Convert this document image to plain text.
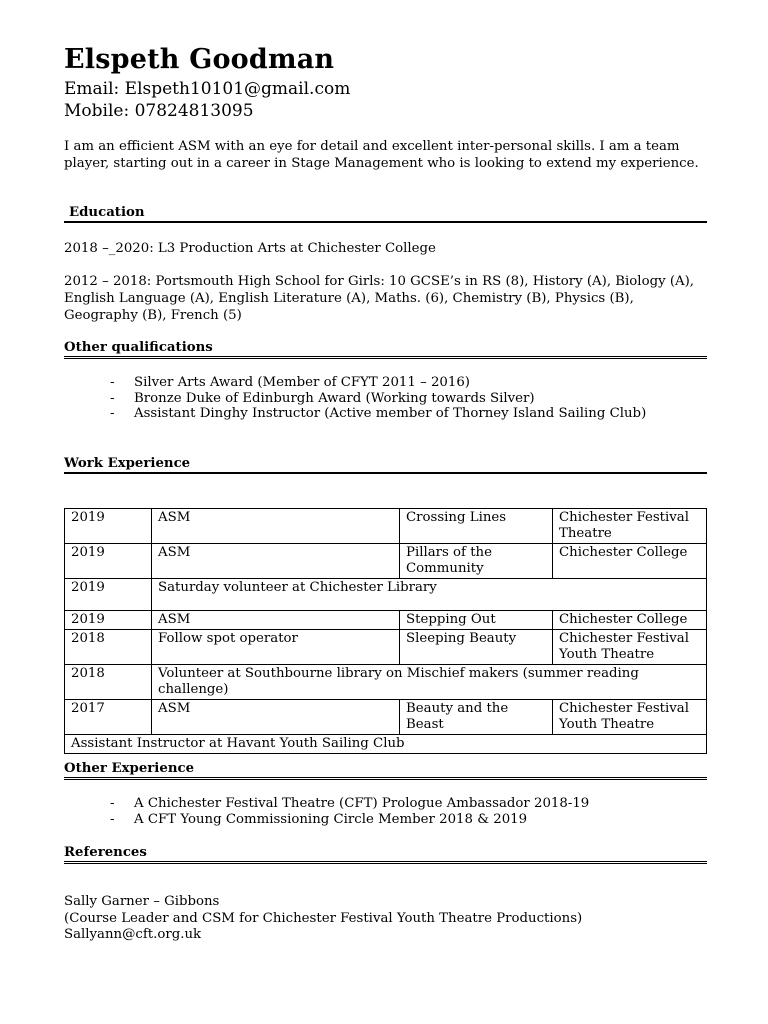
Elspeth Goodman
Email: Elspeth10101@gmail.com
Mobile: 07824813095

I am an efficient ASM with an eye for detail and excellent inter-personal skills. I am a team player, starting out in a career in Stage Management who is looking to extend my experience.

Education

2018 –_2020: L3 Production Arts at Chichester College

2012 – 2018: Portsmouth High School for Girls: 10 GCSE’s in RS (8), History (A), Biology (A), English Language (A), English Literature (A), Maths. (6), Chemistry (B), Physics (B), Geography (B), French (5)

Other qualifications
- Silver Arts Award (Member of CFYT 2011 – 2016)
- Bronze Duke of Edinburgh Award (Working towards Silver)
- Assistant Dinghy Instructor (Active member of Thorney Island Sailing Club)
Work Experience
2019	ASM	Crossing Lines	Chichester Festival Theatre
2019	ASM	Pillars of the Community	Chichester College
2019	Saturday volunteer at Chichester Library		
2019	ASM	Stepping Out	Chichester College
2018	Follow spot operator	Sleeping Beauty	Chichester Festival Youth Theatre
2018	Volunteer at Southbourne library on Mischief makers (summer reading challenge)		
2017	ASM	Beauty and the Beast	Chichester Festival Youth Theatre
Assistant Instructor at Havant Youth Sailing Club			
Other Experience
- A Chichester Festival Theatre (CFT) Prologue Ambassador 2018-19
- A CFT Young Commissioning Circle Member 2018 & 2019
References
Sally Garner – Gibbons
(Course Leader and CSM for Chichester Festival Youth Theatre Productions)
Sallyann@cft.org.uk
